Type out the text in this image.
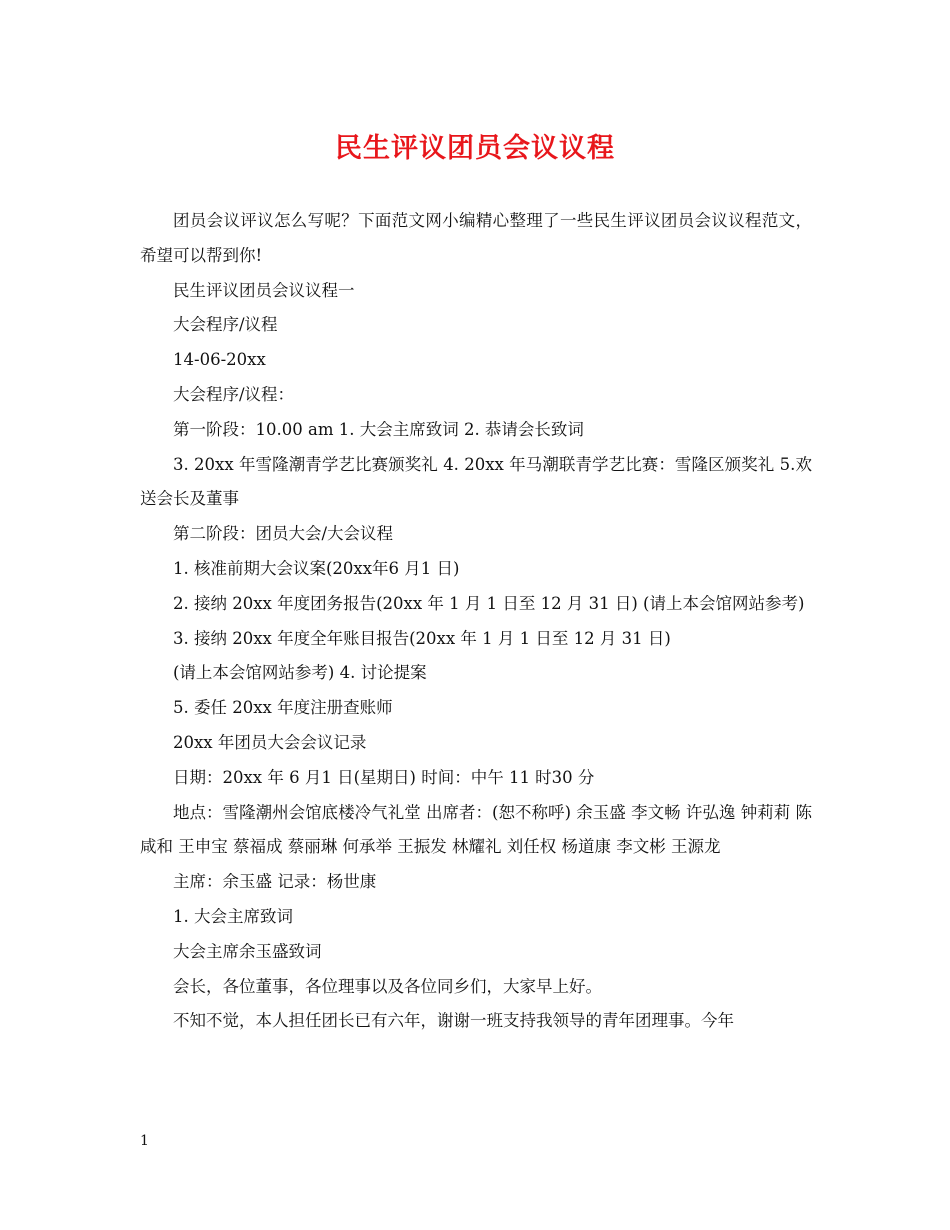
民生评议团员会议议程

团员会议评议怎么写呢？下面范文网小编精心整理了一些民生评议团员会议议程范文，希望可以帮到你!

民生评议团员会议议程一

大会程序/议程

14-06-20xx

大会程序/议程：

第一阶段：10.00 am 1. 大会主席致词 2. 恭请会长致词

3. 20xx 年雪隆潮青学艺比赛颁奖礼 4. 20xx 年马潮联青学艺比赛：雪隆区颁奖礼 5.欢送会长及董事

第二阶段：团员大会/大会议程

1. 核准前期大会议案(20xx年6 月1 日)

2. 接纳 20xx 年度团务报告(20xx 年 1 月 1 日至 12 月 31 日) (请上本会馆网站参考)

3. 接纳 20xx 年度全年账目报告(20xx 年 1 月 1 日至 12 月 31 日)

(请上本会馆网站参考) 4. 讨论提案

5. 委任 20xx 年度注册查账师

20xx 年团员大会会议记录

日期：20xx 年 6 月1 日(星期日) 时间：中午 11 时30 分

地点：雪隆潮州会馆底楼冷气礼堂 出席者：(恕不称呼) 余玉盛 李文畅 许弘逸 钟莉莉 陈咸和 王申宝 蔡福成 蔡丽琳 何承举 王振发 林耀礼 刘任权 杨道康 李文彬 王源龙

主席：余玉盛 记录：杨世康

1. 大会主席致词

大会主席余玉盛致词

会长，各位董事，各位理事以及各位同乡们，大家早上好。

不知不觉，本人担任团长已有六年，谢谢一班支持我领导的青年团理事。今年

1
